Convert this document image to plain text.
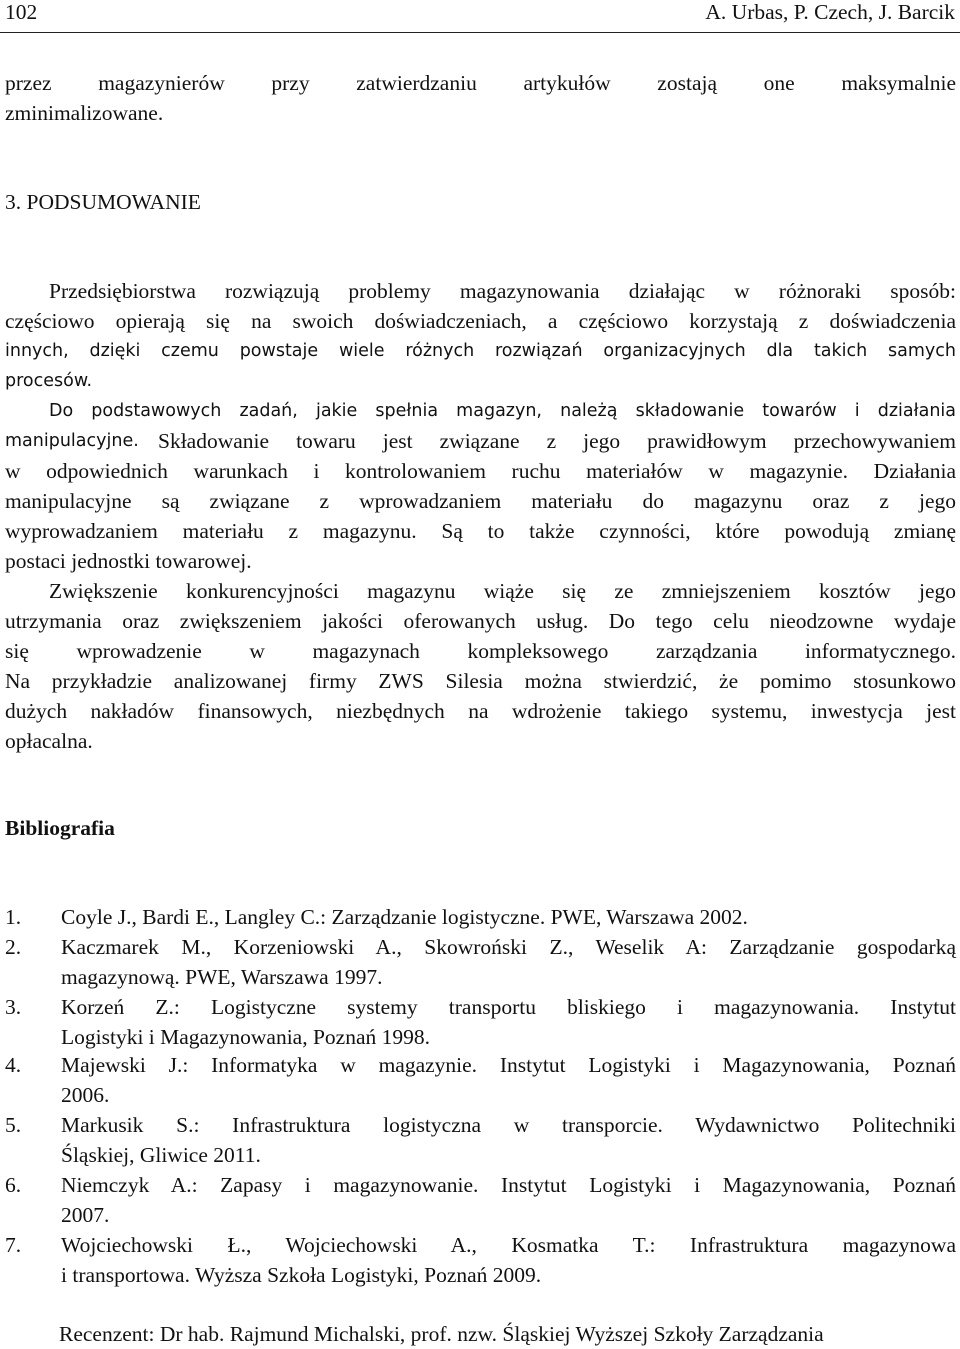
102	A. Urbas, P. Czech, J. Barcik
przez magazynierów przy zatwierdzaniu artykułów zostają one maksymalnie
zminimalizowane.
3. PODSUMOWANIE
Przedsiębiorstwa rozwiązują problemy magazynowania działając w różnoraki sposób:
częściowo opierają się na swoich doświadczeniach, a częściowo korzystają z doświadczenia
innych, dzięki czemu powstaje wiele różnych rozwiązań organizacyjnych dla takich samych
procesów.
Do podstawowych zadań, jakie spełnia magazyn, należą składowanie towarów i działania
manipulacyjne. Składowanie towaru jest związane z jego prawidłowym przechowywaniem
w odpowiednich warunkach i kontrolowaniem ruchu materiałów w magazynie. Działania
manipulacyjne są związane z wprowadzaniem materiału do magazynu oraz z jego
wyprowadzaniem materiału z magazynu. Są to także czynności, które powodują zmianę
postaci jednostki towarowej.
Zwiększenie konkurencyjności magazynu wiąże się ze zmniejszeniem kosztów jego
utrzymania oraz zwiększeniem jakości oferowanych usług. Do tego celu nieodzowne wydaje
się wprowadzenie w magazynach kompleksowego zarządzania informatycznego.
Na przykładzie analizowanej firmy ZWS Silesia można stwierdzić, że pomimo stosunkowo
dużych nakładów finansowych, niezbędnych na wdrożenie takiego systemu, inwestycja jest
opłacalna.
Bibliografia
1.	Coyle J., Bardi E., Langley C.: Zarządzanie logistyczne. PWE, Warszawa 2002.
2.	Kaczmarek M., Korzeniowski A., Skowroński Z., Weselik A: Zarządzanie gospodarką
magazynową. PWE, Warszawa 1997.
3.	Korzeń Z.: Logistyczne systemy transportu bliskiego i magazynowania. Instytut
Logistyki i Magazynowania, Poznań 1998.
4.	Majewski J.: Informatyka w magazynie. Instytut Logistyki i Magazynowania, Poznań
2006.
5.	Markusik S.: Infrastruktura logistyczna w transporcie. Wydawnictwo Politechniki
Śląskiej, Gliwice 2011.
6.	Niemczyk A.: Zapasy i magazynowanie. Instytut Logistyki i Magazynowania, Poznań
2007.
7.	Wojciechowski Ł., Wojciechowski A., Kosmatka T.: Infrastruktura magazynowa
i transportowa. Wyższa Szkoła Logistyki, Poznań 2009.
Recenzent: Dr hab. Rajmund Michalski, prof. nzw. Śląskiej Wyższej Szkoły Zarządzania
